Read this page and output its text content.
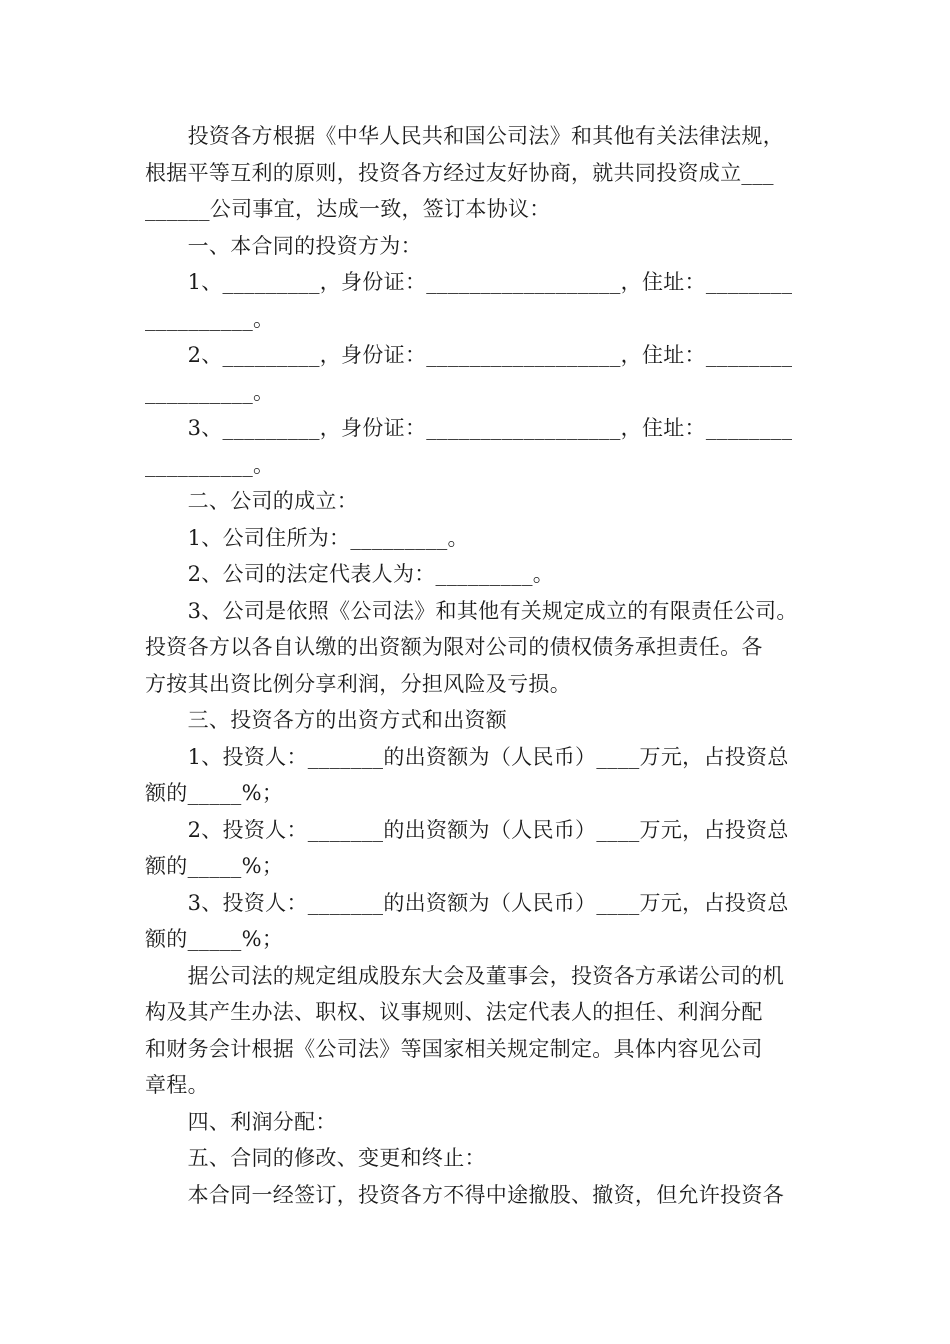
　　投资各方根据《中华人民共和国公司法》和其他有关法律法规，

根据平等互利的原则，投资各方经过友好协商，就共同投资成立___

______公司事宜，达成一致，签订本协议：

　　一、本合同的投资方为：

　　1、_________，身份证：__________________，住址：________

__________。

　　2、_________，身份证：__________________，住址：________

__________。

　　3、_________，身份证：__________________，住址：________

__________。

　　二、公司的成立：

　　1、公司住所为：_________。

　　2、公司的法定代表人为：_________。

　　3、公司是依照《公司法》和其他有关规定成立的有限责任公司。

投资各方以各自认缴的出资额为限对公司的债权债务承担责任。各

方按其出资比例分享利润，分担风险及亏损。

　　三、投资各方的出资方式和出资额

　　1、投资人：_______的出资额为（人民币）____万元，占投资总

额的_____%；

　　2、投资人：_______的出资额为（人民币）____万元，占投资总

额的_____%；

　　3、投资人：_______的出资额为（人民币）____万元，占投资总

额的_____%；

　　据公司法的规定组成股东大会及董事会，投资各方承诺公司的机

构及其产生办法、职权、议事规则、法定代表人的担任、利润分配

和财务会计根据《公司法》等国家相关规定制定。具体内容见公司

章程。

　　四、利润分配：

　　五、合同的修改、变更和终止：

　　本合同一经签订，投资各方不得中途撤股、撤资，但允许投资各
